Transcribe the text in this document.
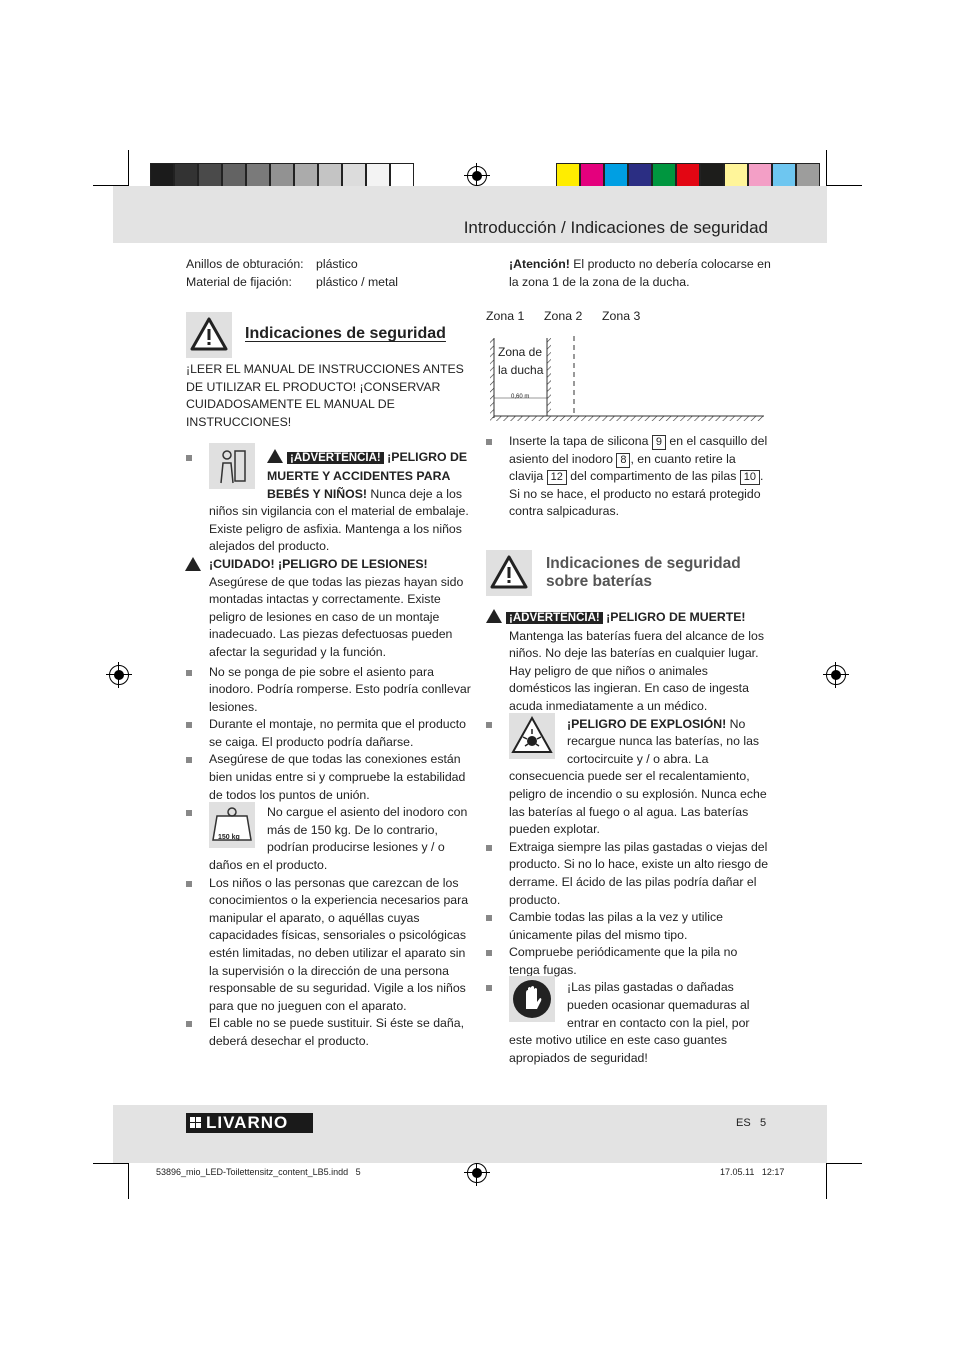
Introducción / Indicaciones de seguridad
Anillos de obturación: plástico
Material de fijación: plástico / metal
Indicaciones de seguridad
¡LEER EL MANUAL DE INSTRUCCIONES ANTES DE UTILIZAR EL PRODUCTO! ¡CONSERVAR CUIDADOSAMENTE EL MANUAL DE INSTRUCCIONES!
¡ADVERTENCIA! ¡PELIGRO DE MUERTE Y ACCIDENTES PARA BEBÉS Y NIÑOS! Nunca deje a los niños sin vigilancia con el material de embalaje. Existe peligro de asfixia. Mantenga a los niños alejados del producto.
¡CUIDADO! ¡PELIGRO DE LESIONES!
Asegúrese de que todas las piezas hayan sido montadas intactas y correctamente. Existe peligro de lesiones en caso de un montaje inadecuado. Las piezas defectuosas pueden afectar la seguridad y la función.
No se ponga de pie sobre el asiento para inodoro. Podría romperse. Esto podría conllevar lesiones.
Durante el montaje, no permita que el producto se caiga. El producto podría dañarse.
Asegúrese de que todas las conexiones están bien unidas entre si y compruebe la estabilidad de todos los puntos de unión.
150 kg
No cargue el asiento del inodoro con más de 150 kg. De lo contrario, podrían producirse lesiones y / o daños en el producto.
Los niños o las personas que carezcan de los conocimientos o la experiencia necesarios para manipular el aparato, o aquéllas cuyas capacidades físicas, sensoriales o psicológicas estén limitadas, no deben utilizar el aparato sin la supervisión o la dirección de una persona responsable de su seguridad. Vigile a los niños para que no jueguen con el aparato.
El cable no se puede sustituir. Si éste se daña, deberá desechar el producto.
¡Atención! El producto no debería colocarse en la zona 1 de la zona de la ducha.
Zona 1 Zona 2 Zona 3
Zona de la ducha
0,60 m
Inserte la tapa de silicona 9 en el casquillo del asiento del inodoro 8 , en cuanto retire la clavija 12 del compartimento de las pilas 10 . Si no se hace, el producto no estará protegido contra salpicaduras.
Indicaciones de seguridad sobre baterías
¡ADVERTENCIA! ¡PELIGRO DE MUERTE!
Mantenga las baterías fuera del alcance de los niños. No deje las baterías en cualquier lugar. Hay peligro de que niños o animales domésticos las ingieran. En caso de ingesta acuda inmediatamente a un médico.
¡PELIGRO DE EXPLOSIÓN! No recargue nunca las baterías, no las cortocircuite y / o abra. La consecuencia puede ser el recalentamiento, peligro de incendio o su explosión. Nunca eche las baterías al fuego o al agua. Las baterías pueden explotar.
Extraiga siempre las pilas gastadas o viejas del producto. Si no lo hace, existe un alto riesgo de derrame. El ácido de las pilas podría dañar el producto.
Cambie todas las pilas a la vez y utilice únicamente pilas del mismo tipo.
Compruebe periódicamente que la pila no tenga fugas.
¡Las pilas gastadas o dañadas pueden ocasionar quemaduras al entrar en contacto con la piel, por este motivo utilice en este caso guantes apropiados de seguridad!
LIVARNO	ES 5
53896_mio_LED-Toilettensitz_content_LB5.indd   5	17.05.11   12:17
